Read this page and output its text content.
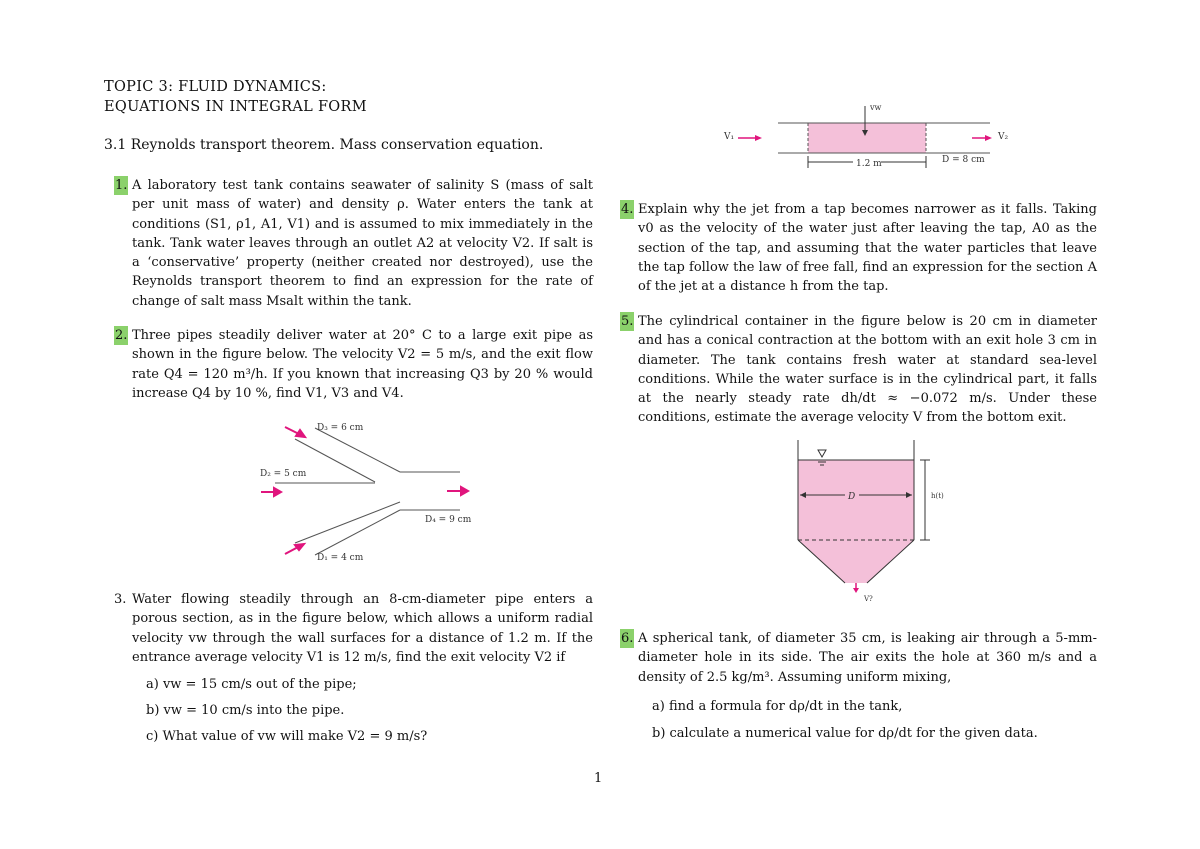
TOPIC 3: FLUID DYNAMICS:
EQUATIONS IN INTEGRAL FORM
3.1 Reynolds transport theorem. Mass conservation equation.
1. A laboratory test tank contains seawater of salinity S (mass of salt per unit mass of water) and density ρ. Water enters the tank at conditions (S1, ρ1, A1, V1) and is assumed to mix immediately in the tank. Tank water leaves through an outlet A2 at velocity V2. If salt is a ‘conservative’ property (neither created nor destroyed), use the Reynolds transport theorem to find an expression for the rate of change of salt mass Msalt within the tank.
2. Three pipes steadily deliver water at 20° C to a large exit pipe as shown in the figure below. The velocity V2 = 5 m/s, and the exit flow rate Q4 = 120 m³/h. If you known that increasing Q3 by 20 % would increase Q4 by 10 %, find V1, V3 and V4.
D₃ = 6 cm
D₂ = 5 cm
D₄ = 9 cm
D₁ = 4 cm
3. Water flowing steadily through an 8-cm-diameter pipe enters a porous section, as in the figure below, which allows a uniform radial velocity vw through the wall surfaces for a distance of 1.2 m. If the entrance average velocity V1 is 12 m/s, find the exit velocity V2 if
a) vw = 15 cm/s out of the pipe;
b) vw = 10 cm/s into the pipe.
c) What value of vw will make V2 = 9 m/s?
vw
V₁	V₂
1.2 m	D = 8 cm
4. Explain why the jet from a tap becomes narrower as it falls. Taking v0 as the velocity of the water just after leaving the tap, A0 as the section of the tap, and assuming that the water particles that leave the tap follow the law of free fall, find an expression for the section A of the jet at a distance h from the tap.
5. The cylindrical container in the figure below is 20 cm in diameter and has a conical contraction at the bottom with an exit hole 3 cm in diameter. The tank contains fresh water at standard sea-level conditions. While the water surface is in the cylindrical part, it falls at the nearly steady rate dh/dt ≈ −0.072 m/s. Under these conditions, estimate the average velocity V from the bottom exit.
D	h(t)
V?
6. A spherical tank, of diameter 35 cm, is leaking air through a 5-mm-diameter hole in its side. The air exits the hole at 360 m/s and a density of 2.5 kg/m³. Assuming uniform mixing,
a) find a formula for dρ/dt in the tank,
b) calculate a numerical value for dρ/dt for the given data.
1
